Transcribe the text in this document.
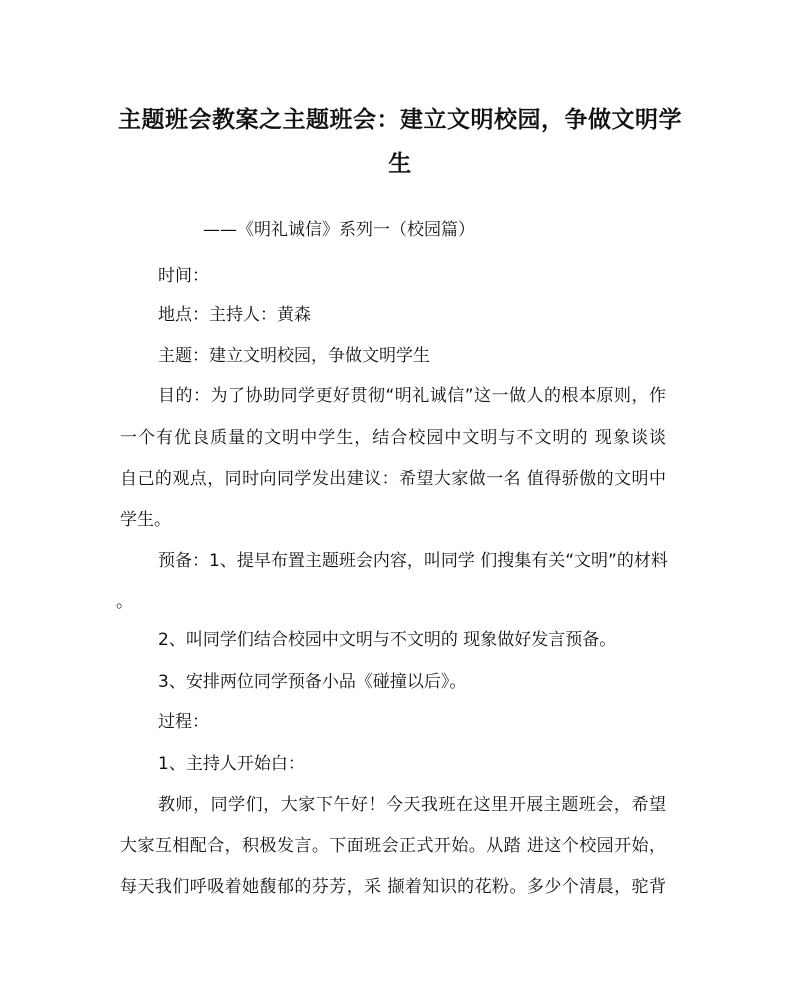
主题班会教案之主题班会：建立文明校园，争做文明学生
——《明礼诚信》系列一（校园篇）
时间：
地点：主持人：黄森
主题：建立文明校园，争做文明学生
目的：为了协助同学更好贯彻“明礼诚信”这一做人的根本原则，作
一个有优良质量的文明中学生，结合校园中文明与不文明的 现象谈谈
自己的观点，同时向同学发出建议：希望大家做一名 值得骄傲的文明中
学生。
预备：1、提早布置主题班会内容，叫同学 们搜集有关“文明”的材料
。
2、叫同学们结合校园中文明与不文明的 现象做好发言预备。
3、安排两位同学预备小品《碰撞以后》。
过程：
1、主持人开始白：
教师，同学们，大家下午好！今天我班在这里开展主题班会，希望
大家互相配合，积极发言。下面班会正式开始。从踏 进这个校园开始，
每天我们呼吸着她馥郁的芬芳，采 撷着知识的花粉。多少个清晨，驼背
